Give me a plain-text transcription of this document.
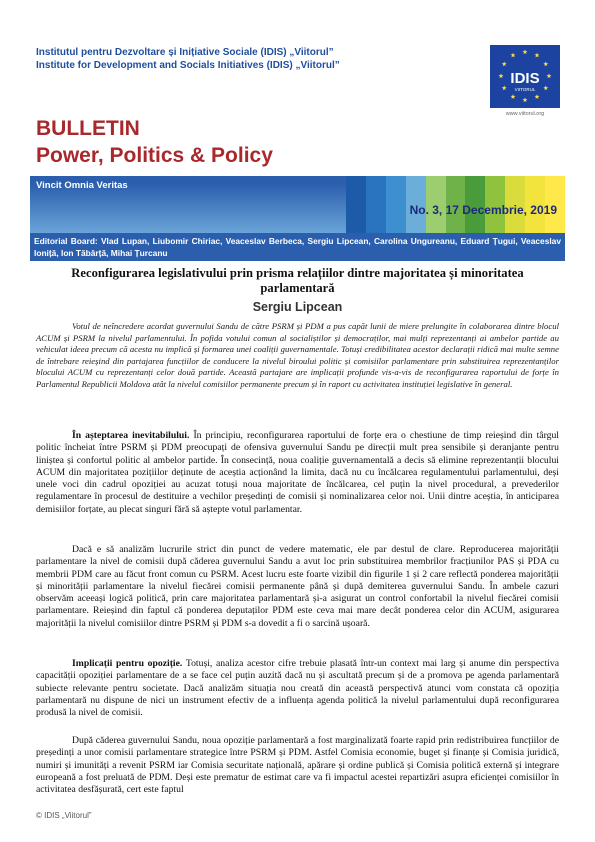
Institutul pentru Dezvoltare și Inițiative Sociale (IDIS) „Viitorul”
Institute for Development and Socials Initiatives (IDIS) „Viitorul”
IDIS
VIITORUL
www.viitorul.org
BULLETIN
Power, Politics & Policy
Vincit Omnia Veritas
No. 3, 17 Decembrie, 2019
Editorial Board: Vlad Lupan, Liubomir Chiriac, Veaceslav Berbeca, Sergiu Lipcean, Carolina Ungureanu, Eduard Țugui, Veaceslav Ioniță, Ion Tăbârță, Mihai Țurcanu
Reconfigurarea legislativului prin prisma relațiilor dintre majoritatea și minoritatea parlamentară
Sergiu Lipcean
Votul de neîncredere acordat guvernului Sandu de către PSRM și PDM a pus capăt lunii de miere prelungite în colaborarea dintre blocul ACUM și PSRM la nivelul parlamentului. În pofida votului comun al socialiștilor și democraților, mai mulți reprezentanți ai ambelor partide au vehiculat ideea precum că acesta nu implică și formarea unei coaliții guvernamentale. Totuși credibilitatea acestor declarații ridică mai multe semne de întrebare reieșind din partajarea funcțiilor de conducere la nivelul biroului politic și comisiilor parlamentare prin substituirea reprezentanților blocului ACUM cu reprezentanți celor două partide. Această partajare are implicații profunde vis-a-vis de reconfigurarea raportului de forțe în Parlamentul Republicii Moldova atât la nivelul comisiilor permanente precum și în raport cu activitatea instituției legislative în general.
În așteptarea inevitabilului. În principiu, reconfigurarea raportului de forțe era o chestiune de timp reieșind din târgul politic încheiat între PSRM și PDM preocupați de ofensiva guvernului Sandu pe direcții mult prea sensibile și deranjante pentru liniștea și confortul politic al ambelor partide. În consecință, noua coaliție guvernamentală a decis să elimine reprezentanții blocului ACUM din majoritatea pozițiilor deținute de aceștia acționând la limita, dacă nu cu încălcarea regulamentului parlamentului, deși unele voci din cadrul opoziției au acuzat totuși noua majoritate de încălcarea, cel puțin la nivel procedural, a prevederilor regulamentare în procesul de destituire a vechilor președinți de comisii și nominalizarea celor noi. Unii dintre aceștia, în anticiparea demisiilor forțate, au plecat singuri fără să aștepte votul parlamentar.
Dacă e să analizăm lucrurile strict din punct de vedere matematic, ele par destul de clare. Reproducerea majorității parlamentare la nivel de comisii după căderea guvernului Sandu a avut loc prin substituirea membrilor fracțiunilor PAS și PDA cu membrii PDM care au făcut front comun cu PSRM. Acest lucru este foarte vizibil din figurile 1 și 2 care reflectă ponderea majorității și minorității parlamentare la nivelul fiecărei comisii permanente până și după demiterea guvernului Sandu. În ambele cazuri observăm aceeași logică politică, prin care majoritatea parlamentară și-a asigurat un control confortabil la nivelul fiecărei comisii parlamentare. Reieșind din faptul că ponderea deputaților PDM este ceva mai mare decât ponderea celor din ACUM, asigurarea majorității la nivelul comisiilor dintre PSRM și PDM s-a dovedit a fi o sarcină ușoară.
Implicații pentru opoziție. Totuși, analiza acestor cifre trebuie plasată într-un context mai larg și anume din perspectiva capacității opoziției parlamentare de a se face cel puțin auzită dacă nu și ascultată precum și de a promova pe agenda parlamentară subiecte relevante pentru societate. Dacă analizăm situația nou creată din această perspectivă atunci vom constata că opoziția parlamentară nu dispune de nici un instrument efectiv de a influența agenda politică la nivelul parlamentului după reconfigurarea produsă la nivel de comisii.
După căderea guvernului Sandu, noua opoziție parlamentară a fost marginalizată foarte rapid prin redistribuirea funcțiilor de președinți a unor comisii parlamentare strategice între PSRM și PDM. Astfel Comisia economie, buget și finanțe și Comisia juridică, numiri și imunități a revenit PSRM iar Comisia securitate națională, apărare și ordine publică și Comisia politică externă și integrare europeană a fost preluată de PDM. Deși este prematur de estimat care va fi impactul acestei repartizări asupra eficienței comisiilor în activitatea desfășurată, cert este faptul
© IDIS „Viitorul”
